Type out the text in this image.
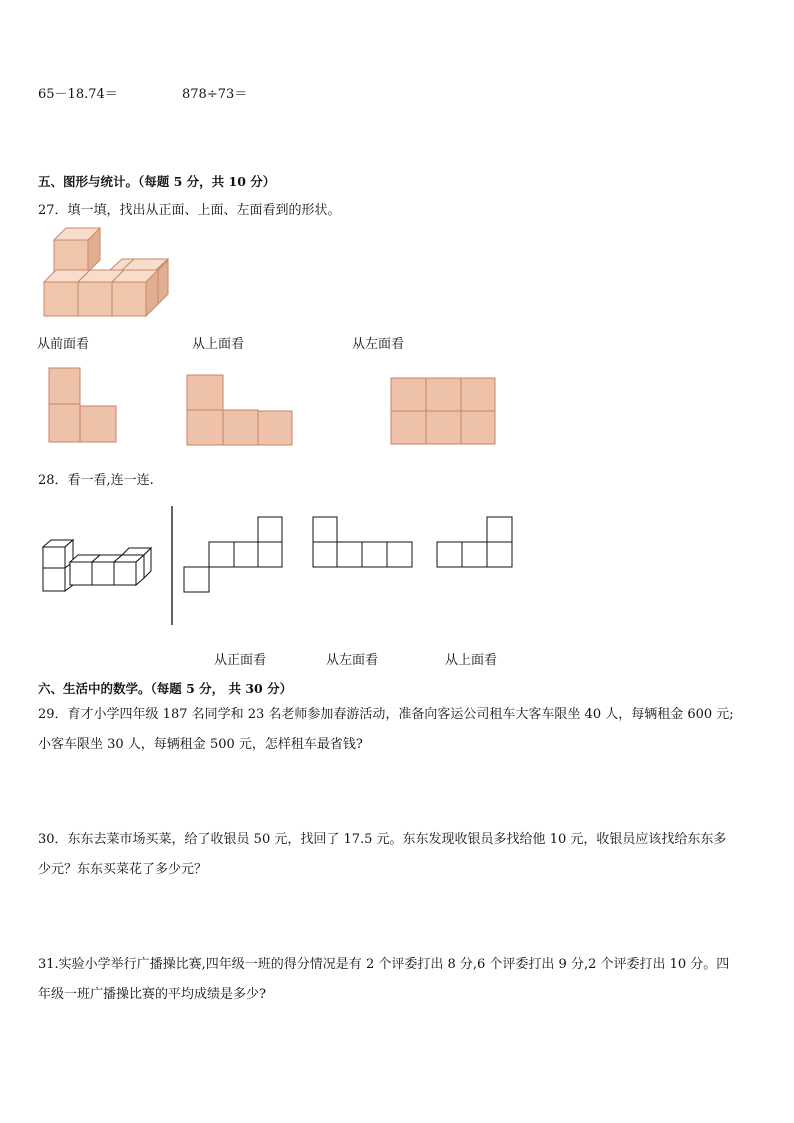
65－18.74＝	878÷73＝
五、图形与统计。（每题 5 分，共 10 分）
27．填一填，找出从正面、上面、左面看到的形状。
从前面看	从上面看	从左面看
28．看一看,连一连.
从正面看	从左面看	从上面看
六、生活中的数学。（每题 5 分， 共 30 分）
29．育才小学四年级 187 名同学和 23 名老师参加春游活动，准备向客运公司租车大客车限坐 40 人，每辆租金 600 元;
小客车限坐 30 人，每辆租金 500 元，怎样租车最省钱?
30．东东去菜市场买菜，给了收银员 50 元，找回了 17.5 元。东东发现收银员多找给他 10 元，收银员应该找给东东多
少元？东东买菜花了多少元？
31.实验小学举行广播操比赛,四年级一班的得分情况是有 2 个评委打出 8 分,6 个评委打出 9 分,2 个评委打出 10 分。四
年级一班广播操比赛的平均成绩是多少?
